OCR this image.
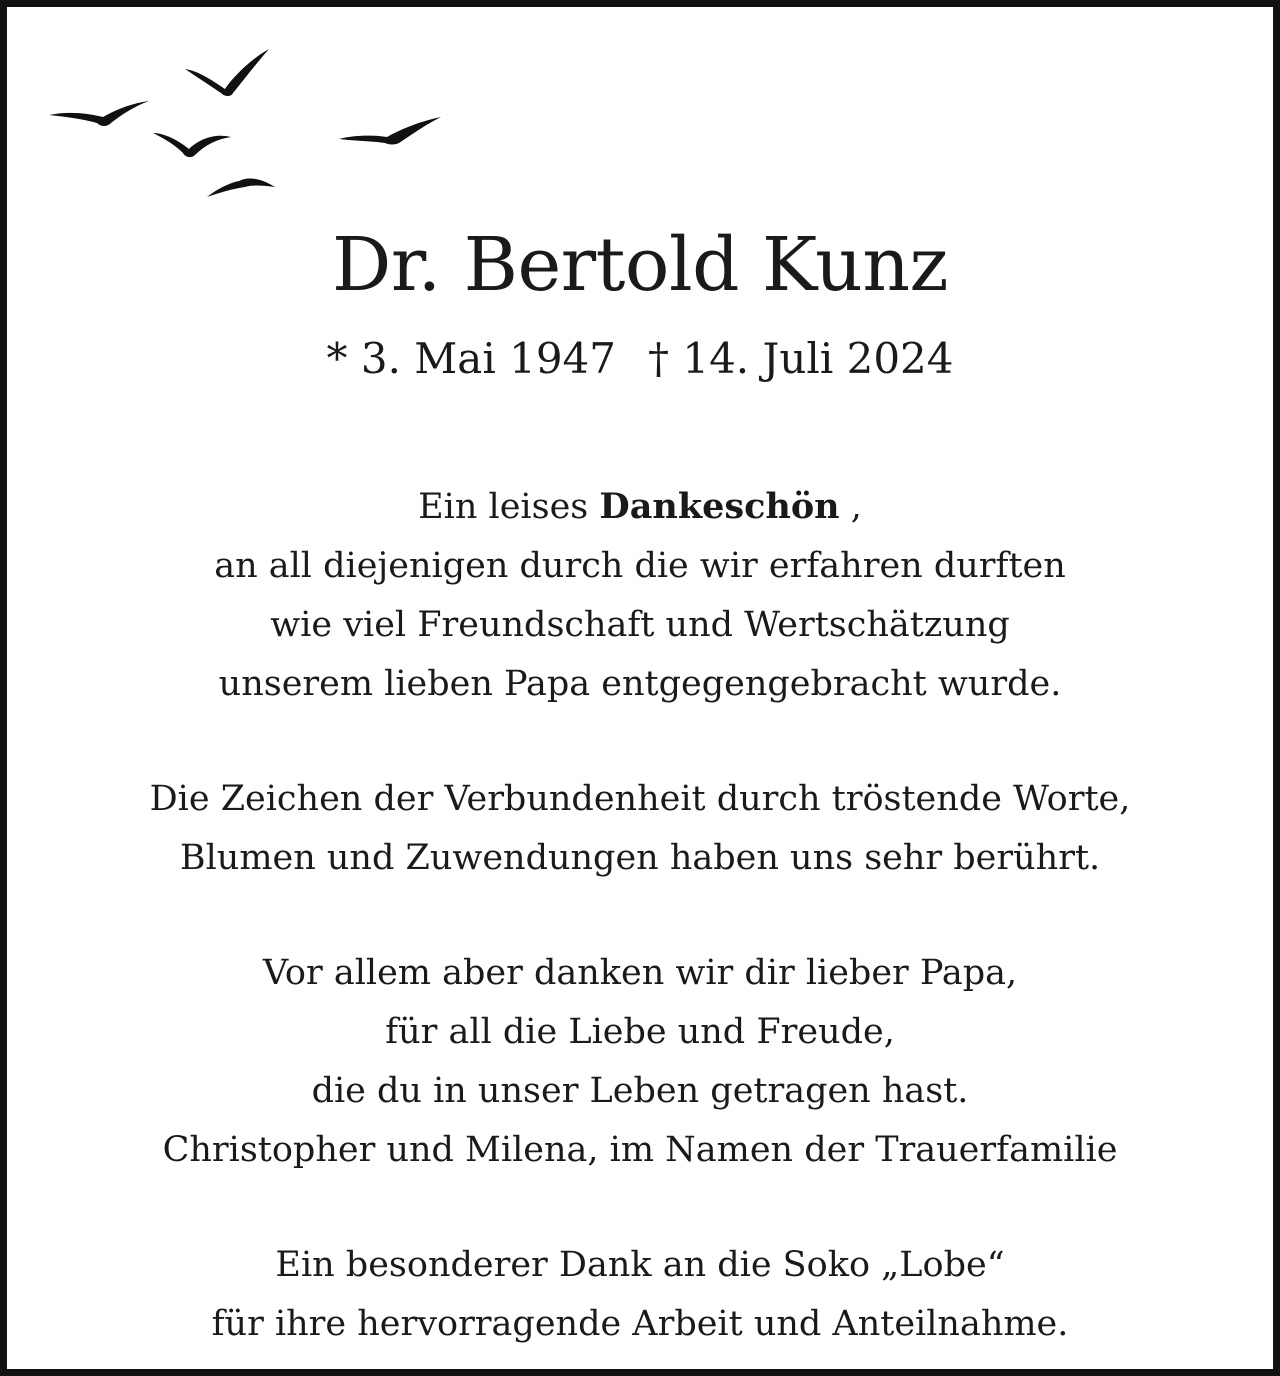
Dr. Bertold Kunz
* 3. Mai 1947 † 14. Juli 2024
Ein leises Dankeschön ,
an all diejenigen durch die wir erfahren durften
wie viel Freundschaft und Wertschätzung
unserem lieben Papa entgegengebracht wurde.
Die Zeichen der Verbundenheit durch tröstende Worte,
Blumen und Zuwendungen haben uns sehr berührt.
Vor allem aber danken wir dir lieber Papa,
für all die Liebe und Freude,
die du in unser Leben getragen hast.
Christopher und Milena, im Namen der Trauerfamilie
Ein besonderer Dank an die Soko „Lobe“
für ihre hervorragende Arbeit und Anteilnahme.
